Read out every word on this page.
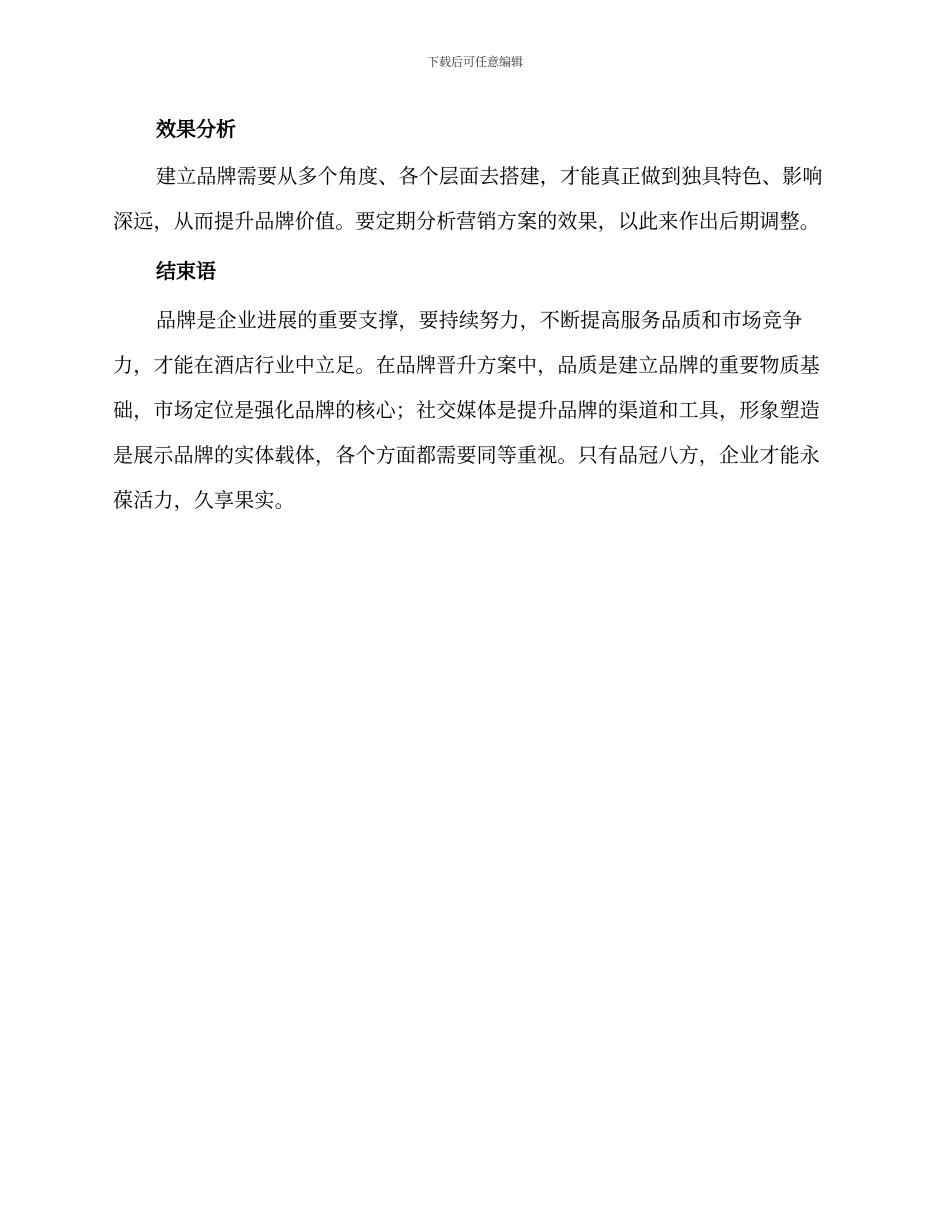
下载后可任意编辑
效果分析

建立品牌需要从多个角度、各个层面去搭建，才能真正做到独具特色、影响深远，从而提升品牌价值。要定期分析营销方案的效果，以此来作出后期调整。

结束语

品牌是企业进展的重要支撑，要持续努力，不断提高服务品质和市场竞争力，才能在酒店行业中立足。在品牌晋升方案中，品质是建立品牌的重要物质基础，市场定位是强化品牌的核心；社交媒体是提升品牌的渠道和工具，形象塑造是展示品牌的实体载体，各个方面都需要同等重视。只有品冠八方，企业才能永葆活力，久享果实。
